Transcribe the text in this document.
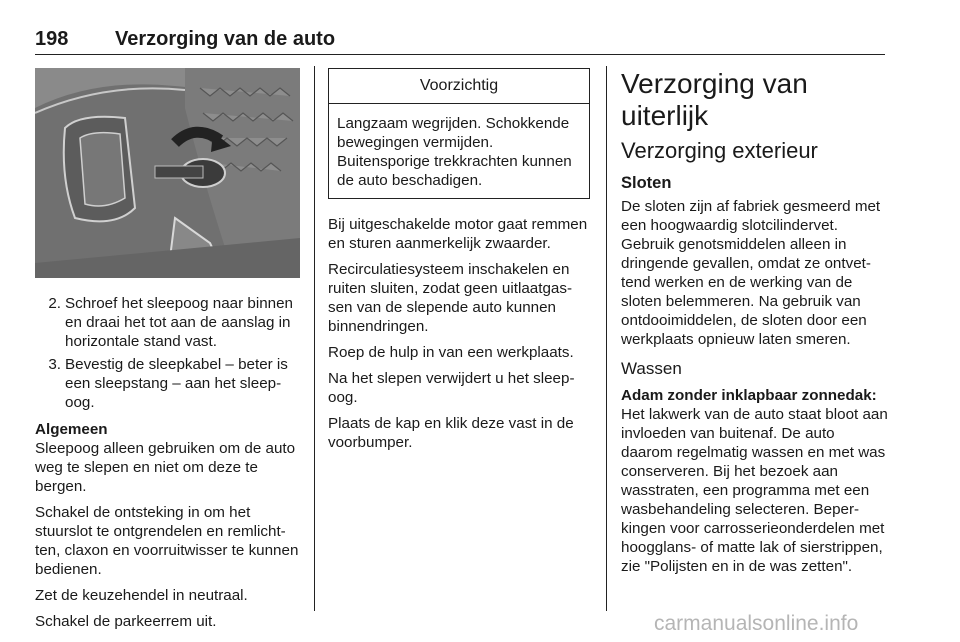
198 Verzorging van de auto
2. Schroef het sleepoog naar binnen en draai het tot aan de aanslag in horizontale stand vast.
3. Bevestig de sleepkabel – beter is een sleepstang – aan het sleepoog.
Algemeen

Sleepoog alleen gebruiken om de auto weg te slepen en niet om deze te bergen.

Schakel de ontsteking in om het stuurslot te ontgrendelen en remlichtten, claxon en voorruitwisser te kunnen bedienen.

Zet de keuzehendel in neutraal.

Schakel de parkeerrem uit.

Voorzichtig
Langzaam wegrijden. Schokkende bewegingen vermijden. Buitensporige trekkrachten kunnen de auto beschadigen.

Bij uitgeschakelde motor gaat remmen en sturen aanmerkelijk zwaarder.

Recirculatiesysteem inschakelen en ruiten sluiten, zodat geen uitlaatgassen van de slepende auto kunnen binnendringen.

Roep de hulp in van een werkplaats.

Na het slepen verwijdert u het sleepoog.

Plaats de kap en klik deze vast in de voorbumper.

Verzorging van uiterlijk
Verzorging exterieur
Sloten

De sloten zijn af fabriek gesmeerd met een hoogwaardig slotcilindervet. Gebruik genotsmiddelen alleen in dringende gevallen, omdat ze ontvettend werken en de werking van de sloten belemmeren. Na gebruik van ontdooimiddelen, de sloten door een werkplaats opnieuw laten smeren.

Wassen
Adam zonder inklapbaar zonnedak:

Het lakwerk van de auto staat bloot aan invloeden van buitenaf. De auto daarom regelmatig wassen en met was conserveren. Bij het bezoek aan wasstraten, een programma met een wasbehandeling selecteren. Beperkingen voor carrosserieonderdelen met hoogglans- of matte lak of sierstrippen, zie "Polijsten en in de was zetten".

carmanualsonline.info
